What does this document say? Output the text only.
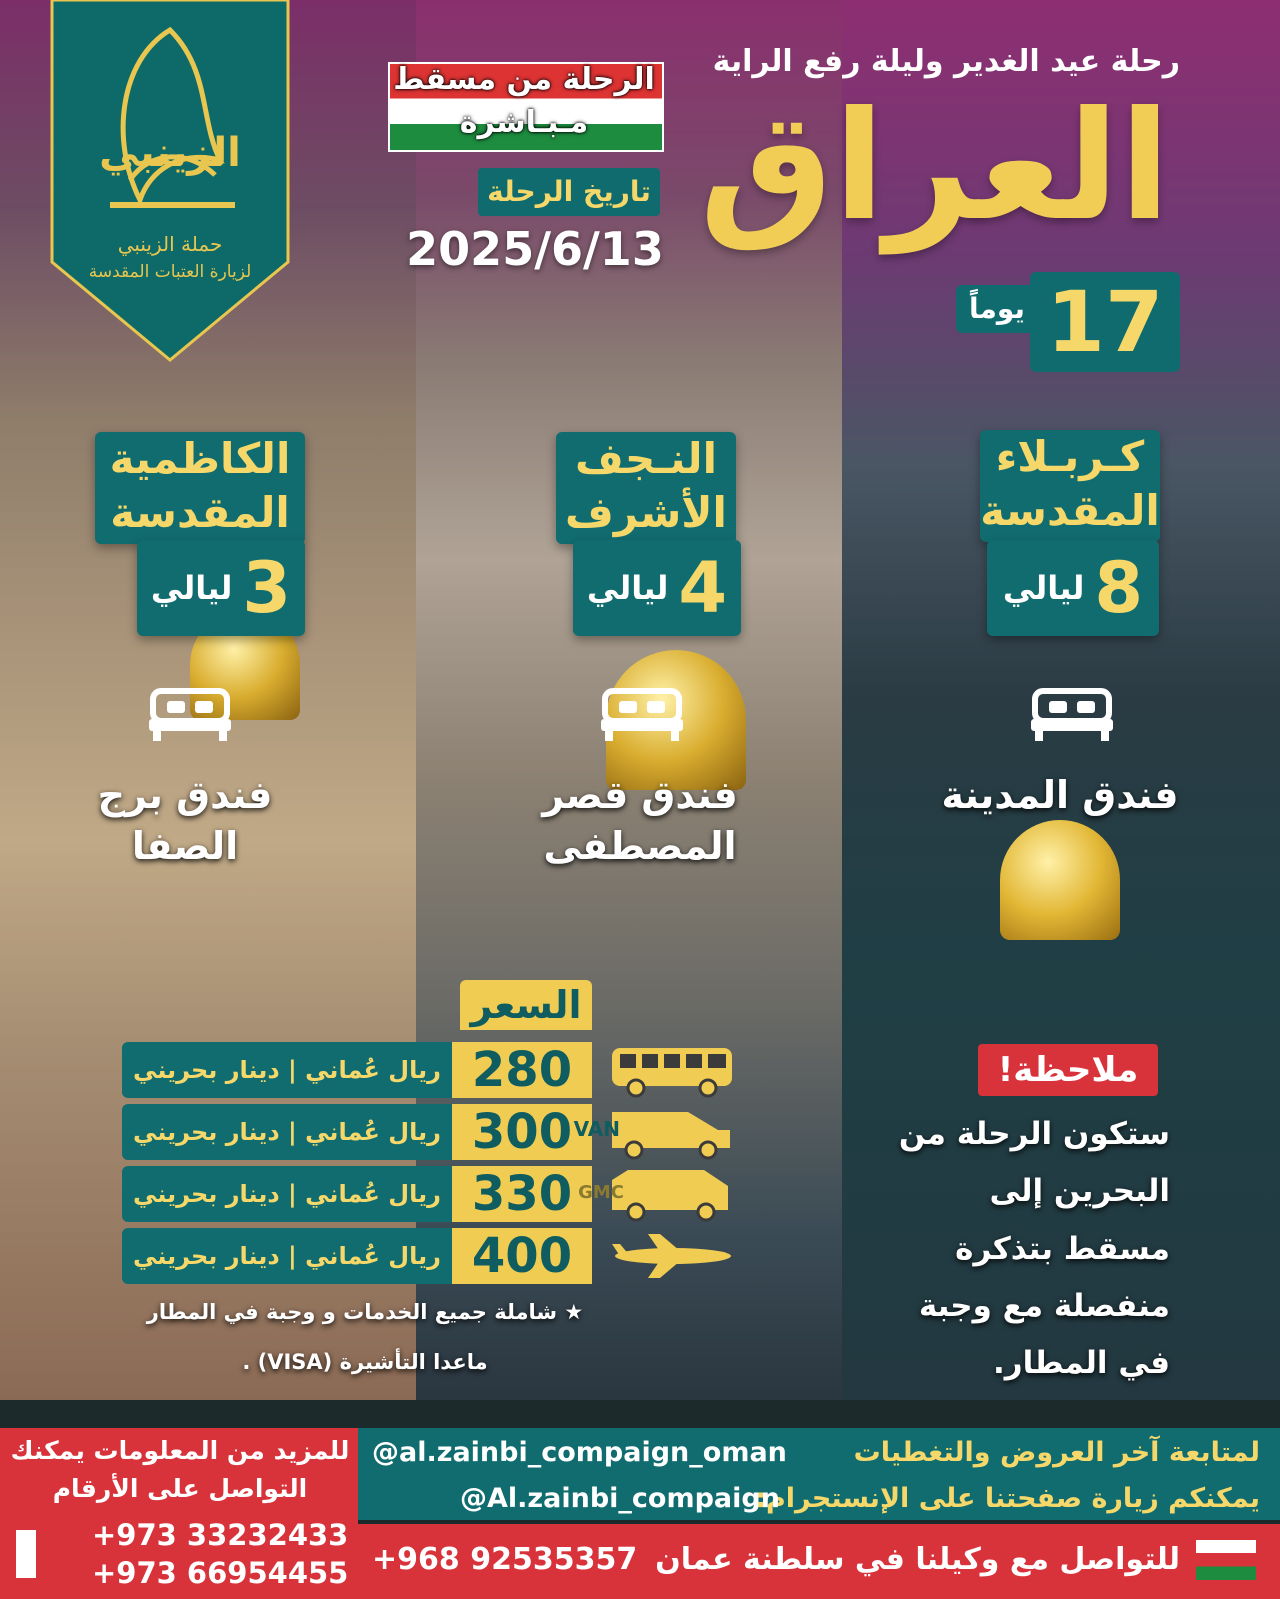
الزينبي
حملة الزينبي
لزيارة العتبات المقدسة
رحلة عيد الغدير وليلة رفع الراية
العراق
17
يوماً
الرحلة من مسقط
مـبـاشرة
تاريخ الرحلة
2025/6/13
كـربـلاء
المقدسة
8
ليالي
فندق المدينة
النـجف
الأشرف
4
ليالي
فندق قصر المصطفى
الكاظمية
المقدسة
3
ليالي
فندق برج الصفا
السعر
ريال عُماني | دينار بحريني 280
ريال عُماني | دينار بحريني 300
ريال عُماني | دينار بحريني 330
ريال عُماني | دينار بحريني 400
VAN
GMC
★ شاملة جميع الخدمات و وجبة في المطار
ماعدا التأشيرة (VISA) .
ملاحظة!
ستكون الرحلة من البحرين إلى مسقط بتذكرة منفصلة مع وجبة في المطار.
لمتابعة آخر العروض والتغطيات
@al.zainbi_compaign_oman
يمكنكم زيارة صفحتنا على الإنستجرام:
@Al.zainbi_compaign
للتواصل مع وكيلنا في سلطنة عمان
+968 92535357
للمزيد من المعلومات يمكنك
التواصل على الأرقام
+973 33232433
+973 66954455
